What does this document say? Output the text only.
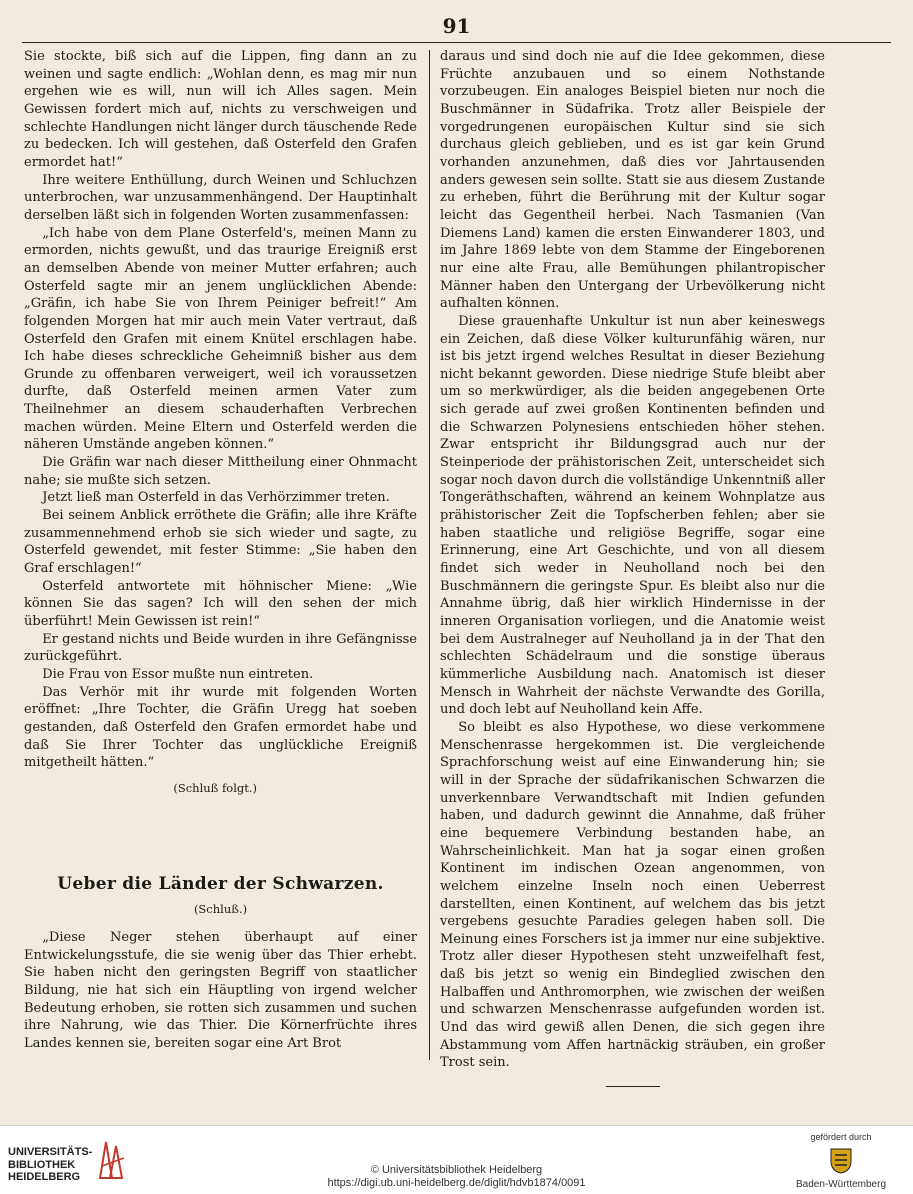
91

Sie stockte, biß sich auf die Lippen, fing dann an zu weinen und sagte endlich: „Wohlan denn, es mag mir nun ergehen wie es will, nun will ich Alles sagen. Mein Gewissen fordert mich auf, nichts zu verschweigen und schlechte Handlungen nicht länger durch täuschende Rede zu bedecken. Ich will gestehen, daß Osterfeld den Grafen ermordet hat!“

Ihre weitere Enthüllung, durch Weinen und Schluchzen unterbrochen, war unzusammenhängend. Der Hauptinhalt derselben läßt sich in folgenden Worten zusammenfassen:

„Ich habe von dem Plane Osterfeld's, meinen Mann zu ermorden, nichts gewußt, und das traurige Ereigniß erst an demselben Abende von meiner Mutter erfahren; auch Osterfeld sagte mir an jenem unglücklichen Abende: „Gräfin, ich habe Sie von Ihrem Peiniger befreit!“ Am folgenden Morgen hat mir auch mein Vater vertraut, daß Osterfeld den Grafen mit einem Knütel erschlagen habe. Ich habe dieses schreckliche Geheimniß bisher aus dem Grunde zu offenbaren verweigert, weil ich voraussetzen durfte, daß Osterfeld meinen armen Vater zum Theilnehmer an diesem schauderhaften Verbrechen machen würden. Meine Eltern und Osterfeld werden die näheren Umstände angeben können.“

Die Gräfin war nach dieser Mittheilung einer Ohnmacht nahe; sie mußte sich setzen.

Jetzt ließ man Osterfeld in das Verhörzimmer treten.

Bei seinem Anblick erröthete die Gräfin; alle ihre Kräfte zusammennehmend erhob sie sich wieder und sagte, zu Osterfeld gewendet, mit fester Stimme: „Sie haben den Graf erschlagen!“

Osterfeld antwortete mit höhnischer Miene: „Wie können Sie das sagen? Ich will den sehen der mich überführt! Mein Gewissen ist rein!“

Er gestand nichts und Beide wurden in ihre Gefängnisse zurückgeführt.

Die Frau von Essor mußte nun eintreten.

Das Verhör mit ihr wurde mit folgenden Worten eröffnet: „Ihre Tochter, die Gräfin Uregg hat soeben gestanden, daß Osterfeld den Grafen ermordet habe und daß Sie Ihrer Tochter das unglückliche Ereigniß mitgetheilt hätten.“

(Schluß folgt.)
Ueber die Länder der Schwarzen.
(Schluß.)

„Diese Neger stehen überhaupt auf einer Entwickelungsstufe, die sie wenig über das Thier erhebt. Sie haben nicht den geringsten Begriff von staatlicher Bildung, nie hat sich ein Häuptling von irgend welcher Bedeutung erhoben, sie rotten sich zusammen und suchen ihre Nahrung, wie das Thier. Die Körnerfrüchte ihres Landes kennen sie, bereiten sogar eine Art Brot

daraus und sind doch nie auf die Idee gekommen, diese Früchte anzubauen und so einem Nothstande vorzubeugen. Ein analoges Beispiel bieten nur noch die Buschmänner in Südafrika. Trotz aller Beispiele der vorgedrungenen europäischen Kultur sind sie sich durchaus gleich geblieben, und es ist gar kein Grund vorhanden anzunehmen, daß dies vor Jahrtausenden anders gewesen sein sollte. Statt sie aus diesem Zustande zu erheben, führt die Berührung mit der Kultur sogar leicht das Gegentheil herbei. Nach Tasmanien (Van Diemens Land) kamen die ersten Einwanderer 1803, und im Jahre 1869 lebte von dem Stamme der Eingeborenen nur eine alte Frau, alle Bemühungen philantropischer Männer haben den Untergang der Urbevölkerung nicht aufhalten können.

Diese grauenhafte Unkultur ist nun aber keineswegs ein Zeichen, daß diese Völker kulturunfähig wären, nur ist bis jetzt irgend welches Resultat in dieser Beziehung nicht bekannt geworden. Diese niedrige Stufe bleibt aber um so merkwürdiger, als die beiden angegebenen Orte sich gerade auf zwei großen Kontinenten befinden und die Schwarzen Polynesiens entschieden höher stehen. Zwar entspricht ihr Bildungsgrad auch nur der Steinperiode der prähistorischen Zeit, unterscheidet sich sogar noch davon durch die vollständige Unkenntniß aller Tongeräthschaften, während an keinem Wohnplatze aus prähistorischer Zeit die Topfscherben fehlen; aber sie haben staatliche und religiöse Begriffe, sogar eine Erinnerung, eine Art Geschichte, und von all diesem findet sich weder in Neuholland noch bei den Buschmännern die geringste Spur. Es bleibt also nur die Annahme übrig, daß hier wirklich Hindernisse in der inneren Organisation vorliegen, und die Anatomie weist bei dem Australneger auf Neuholland ja in der That den schlechten Schädelraum und die sonstige überaus kümmerliche Ausbildung nach. Anatomisch ist dieser Mensch in Wahrheit der nächste Verwandte des Gorilla, und doch lebt auf Neuholland kein Affe.

So bleibt es also Hypothese, wo diese verkommene Menschenrasse hergekommen ist. Die vergleichende Sprachforschung weist auf eine Einwanderung hin; sie will in der Sprache der südafrikanischen Schwarzen die unverkennbare Verwandtschaft mit Indien gefunden haben, und dadurch gewinnt die Annahme, daß früher eine bequemere Verbindung bestanden habe, an Wahrscheinlichkeit. Man hat ja sogar einen großen Kontinent im indischen Ozean angenommen, von welchem einzelne Inseln noch einen Ueberrest darstellten, einen Kontinent, auf welchem das bis jetzt vergebens gesuchte Paradies gelegen haben soll. Die Meinung eines Forschers ist ja immer nur eine subjektive. Trotz aller dieser Hypothesen steht unzweifelhaft fest, daß bis jetzt so wenig ein Bindeglied zwischen den Halbaffen und Anthromorphen, wie zwischen der weißen und schwarzen Menschenrasse aufgefunden worden ist. Und das wird gewiß allen Denen, die sich gegen ihre Abstammung vom Affen hartnäckig sträuben, ein großer Trost sein.

UNIVERSITÄTS-
BIBLIOTHEK
HEIDELBERG
© Universitätsbibliothek Heidelberg
https://digi.ub.uni-heidelberg.de/diglit/hdvb1874/0091
gefördert durch
Baden-Württemberg
